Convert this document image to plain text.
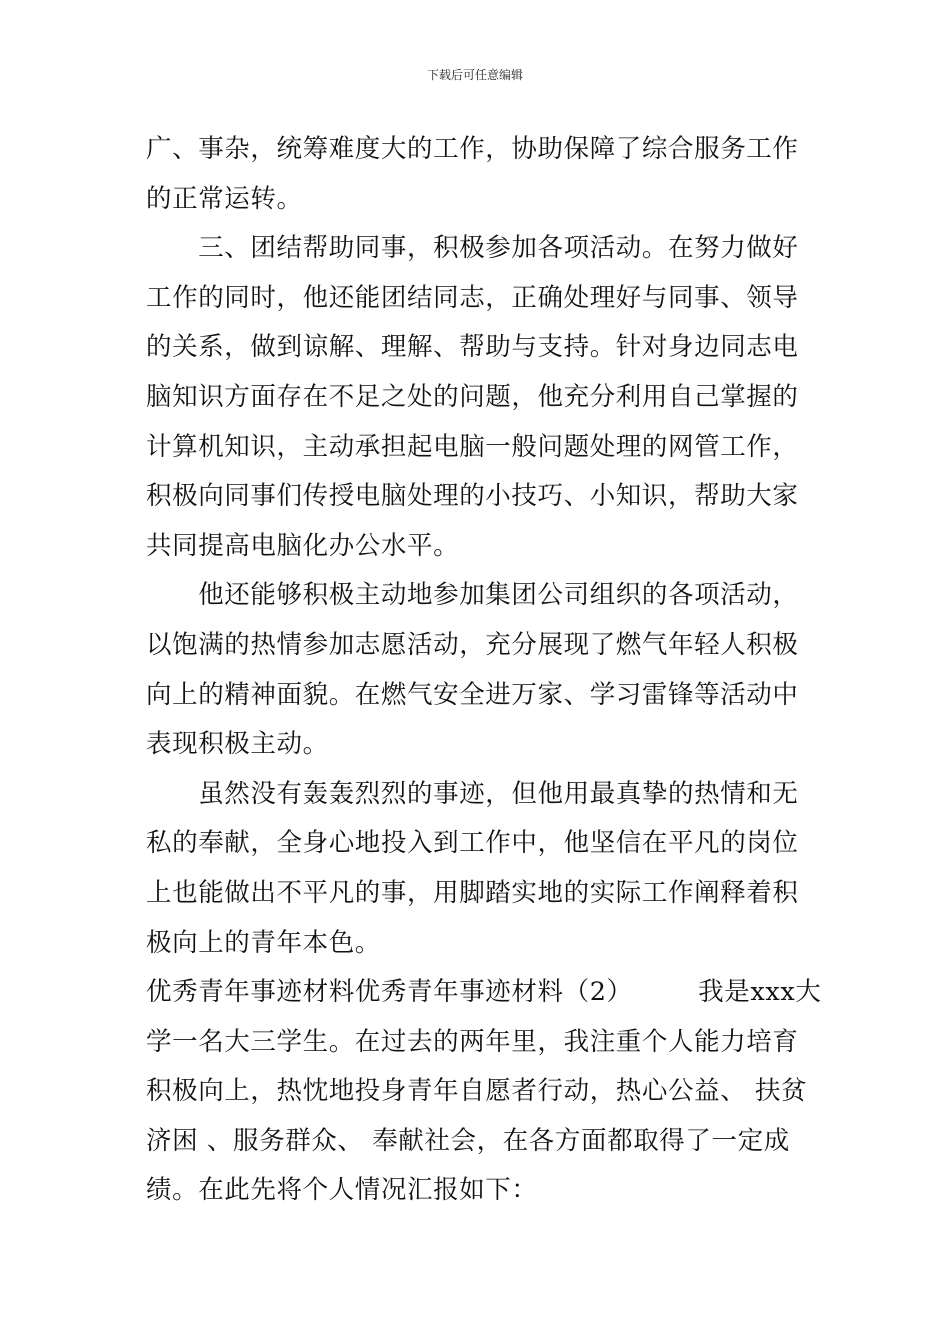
下载后可任意编辑
广、事杂，统筹难度大的工作，协助保障了综合服务工作
的正常运转。
　　三、团结帮助同事，积极参加各项活动。在努力做好
工作的同时，他还能团结同志，正确处理好与同事、领导
的关系，做到谅解、理解、帮助与支持。针对身边同志电
脑知识方面存在不足之处的问题，他充分利用自己掌握的
计算机知识，主动承担起电脑一般问题处理的网管工作，
积极向同事们传授电脑处理的小技巧、小知识，帮助大家
共同提高电脑化办公水平。
　　他还能够积极主动地参加集团公司组织的各项活动，
以饱满的热情参加志愿活动，充分展现了燃气年轻人积极
向上的精神面貌。在燃气安全进万家、学习雷锋等活动中
表现积极主动。
　　虽然没有轰轰烈烈的事迹，但他用最真挚的热情和无
私的奉献，全身心地投入到工作中，他坚信在平凡的岗位
上也能做出不平凡的事，用脚踏实地的实际工作阐释着积
极向上的青年本色。
优秀青年事迹材料优秀青年事迹材料（2）　　　我是xxx大
学一名大三学生。在过去的两年里，我注重个人能力培育
积极向上，热忱地投身青年自愿者行动，热心公益、 扶贫
济困 、服务群众、 奉献社会，在各方面都取得了一定成
绩。在此先将个人情况汇报如下：
